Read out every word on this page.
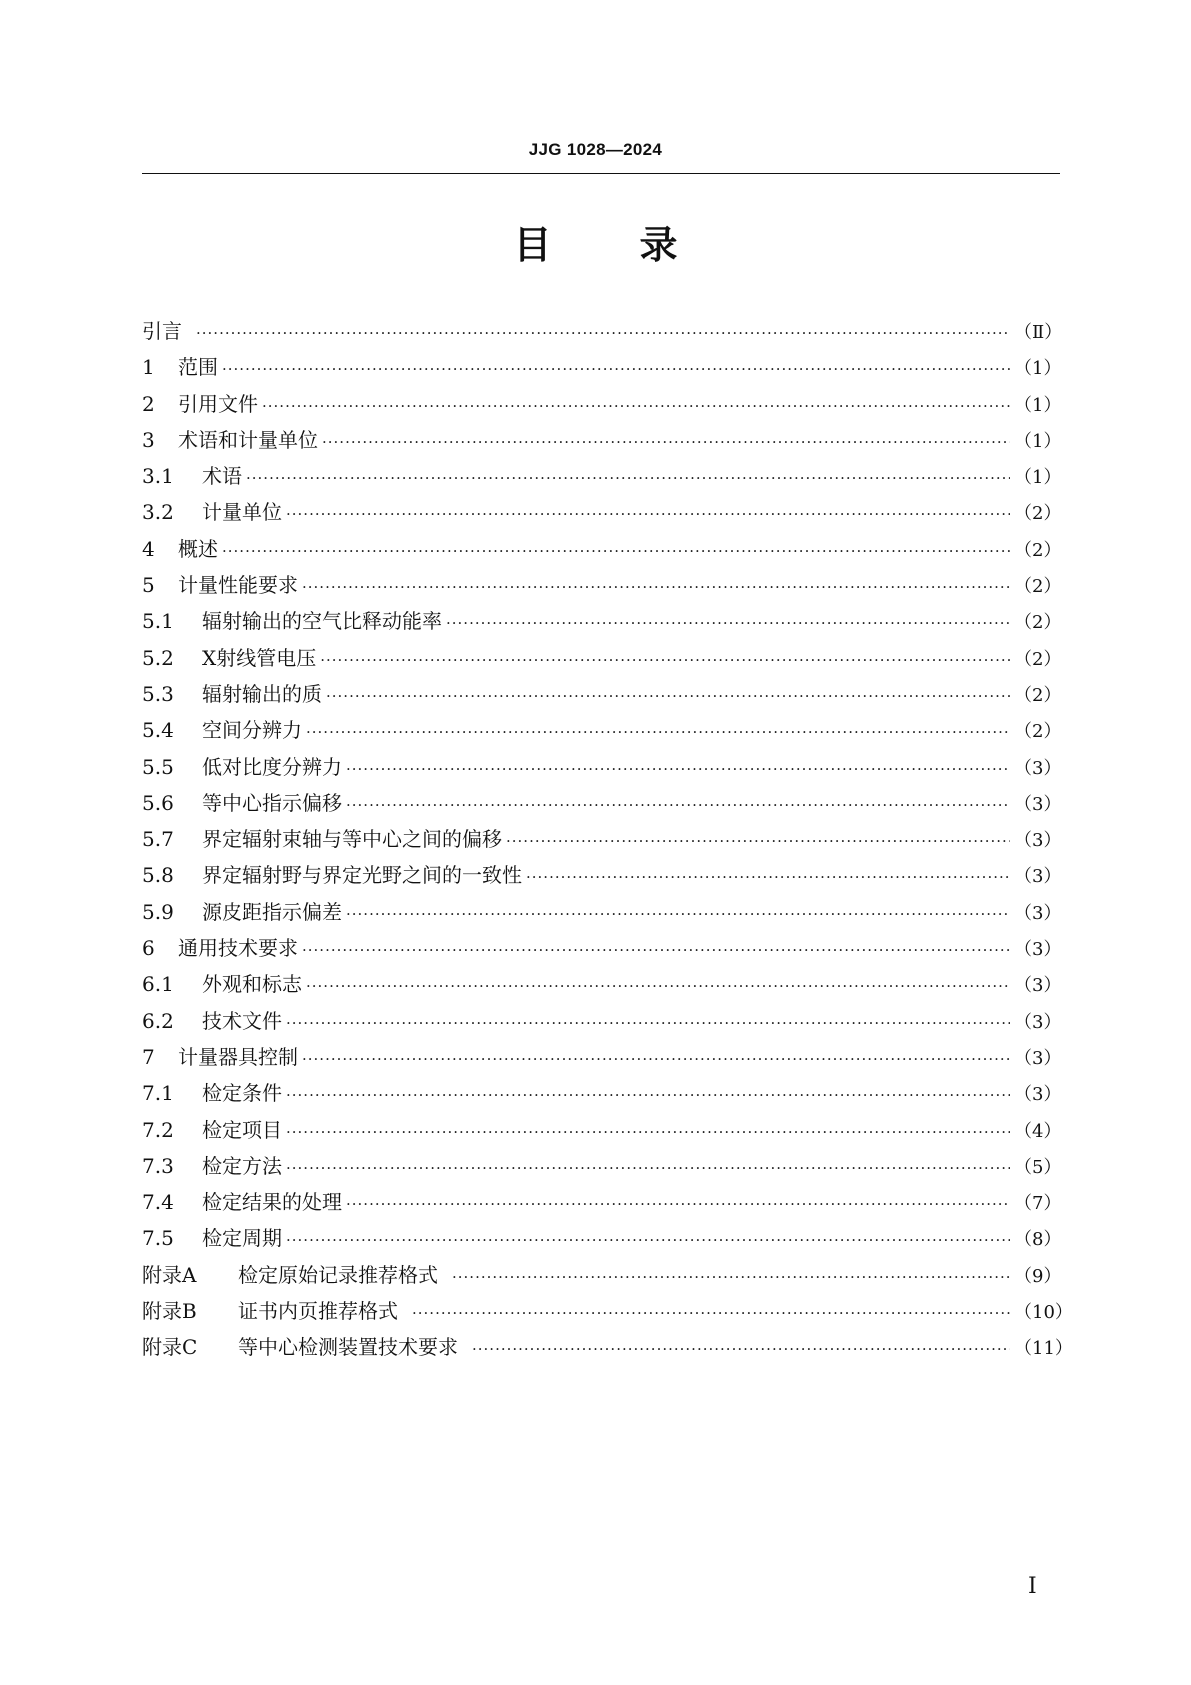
JJG 1028—2024
目录
引言 ·····	（Ⅱ）
1	范围 ·····	（1）
2	引用文件 ·····	（1）
3	术语和计量单位 ·····	（1）
3.1	术语 ·····	（1）
3.2	计量单位 ·····	（2）
4	概述 ·····	（2）
5	计量性能要求 ·····	（2）
5.1	辐射输出的空气比释动能率 ·····	（2）
5.2	X射线管电压 ·····	（2）
5.3	辐射输出的质 ·····	（2）
5.4	空间分辨力 ·····	（2）
5.5	低对比度分辨力 ·····	（3）
5.6	等中心指示偏移 ·····	（3）
5.7	界定辐射束轴与等中心之间的偏移 ·····	（3）
5.8	界定辐射野与界定光野之间的一致性 ·····	（3）
5.9	源皮距指示偏差 ·····	（3）
6	通用技术要求 ·····	（3）
6.1	外观和标志 ·····	（3）
6.2	技术文件 ·····	（3）
7	计量器具控制 ·····	（3）
7.1	检定条件 ·····	（3）
7.2	检定项目 ·····	（4）
7.3	检定方法 ·····	（5）
7.4	检定结果的处理 ·····	（7）
7.5	检定周期 ·····	（8）
附录A	检定原始记录推荐格式 ·····	（9）
附录B	证书内页推荐格式 ·····	（10）
附录C	等中心检测装置技术要求 ·····	（11）
I
